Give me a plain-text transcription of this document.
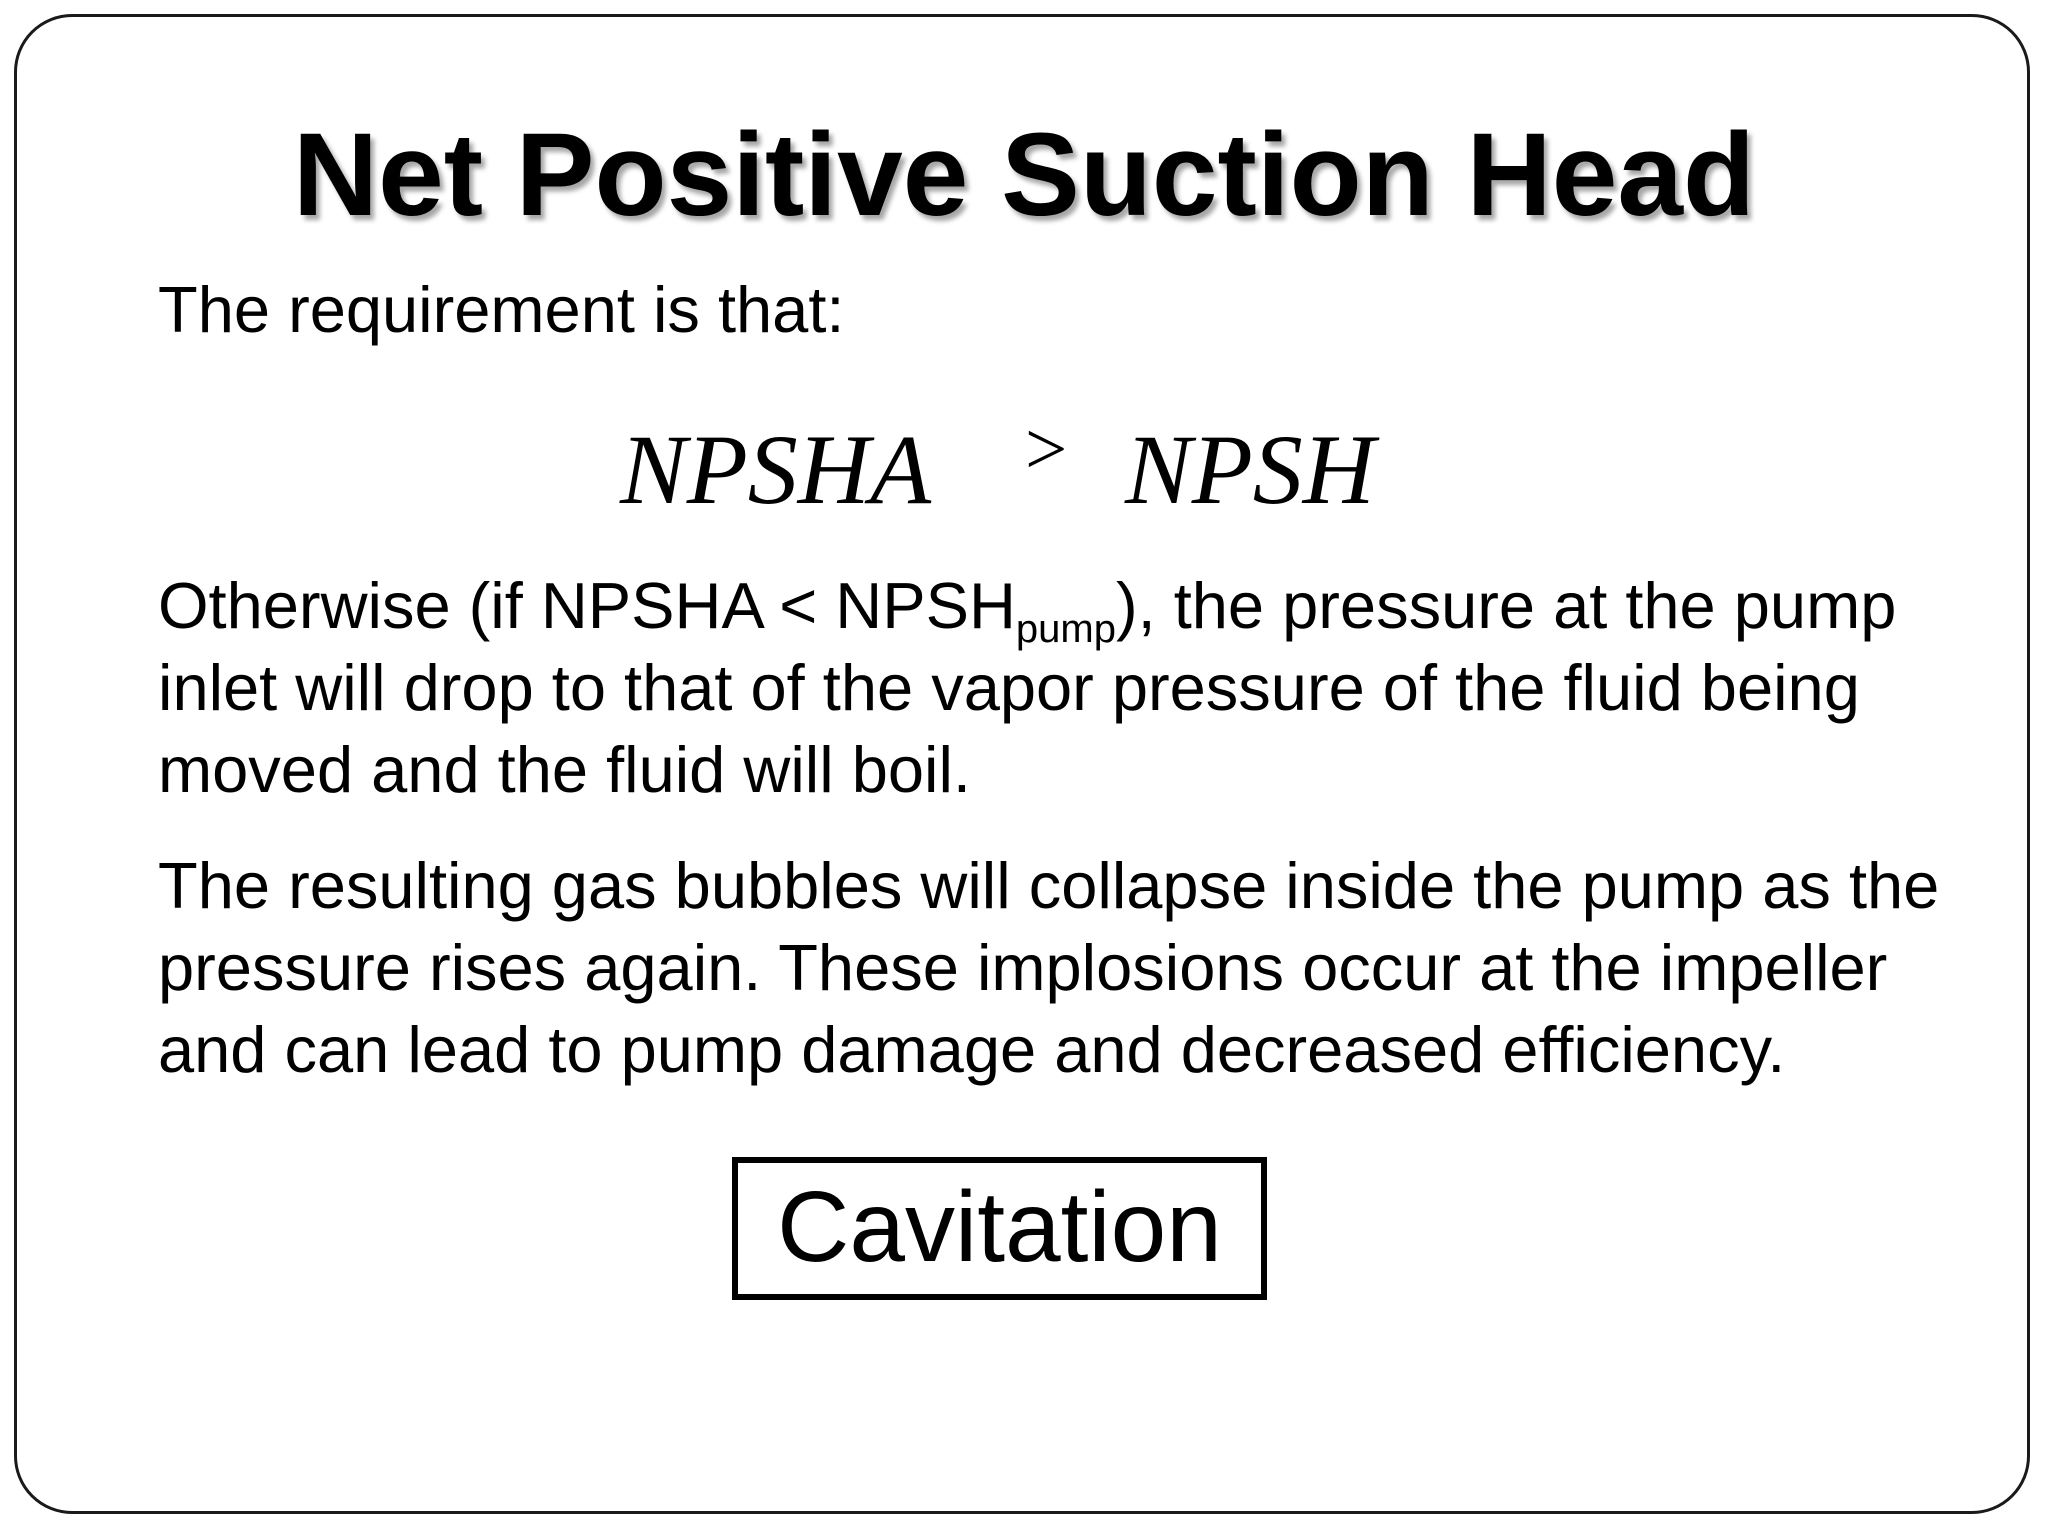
Net Positive Suction Head
The requirement is that:
NPSHA > NPSH
Otherwise (if NPSHA < $NPSH_{pump}$), the pressure at the pump inlet will drop to that of the vapor pressure of the fluid being moved and the fluid will boil.
The resulting gas bubbles will collapse inside the pump as the pressure rises again. These implosions occur at the impeller and can lead to pump damage and decreased efficiency.
Cavitation
